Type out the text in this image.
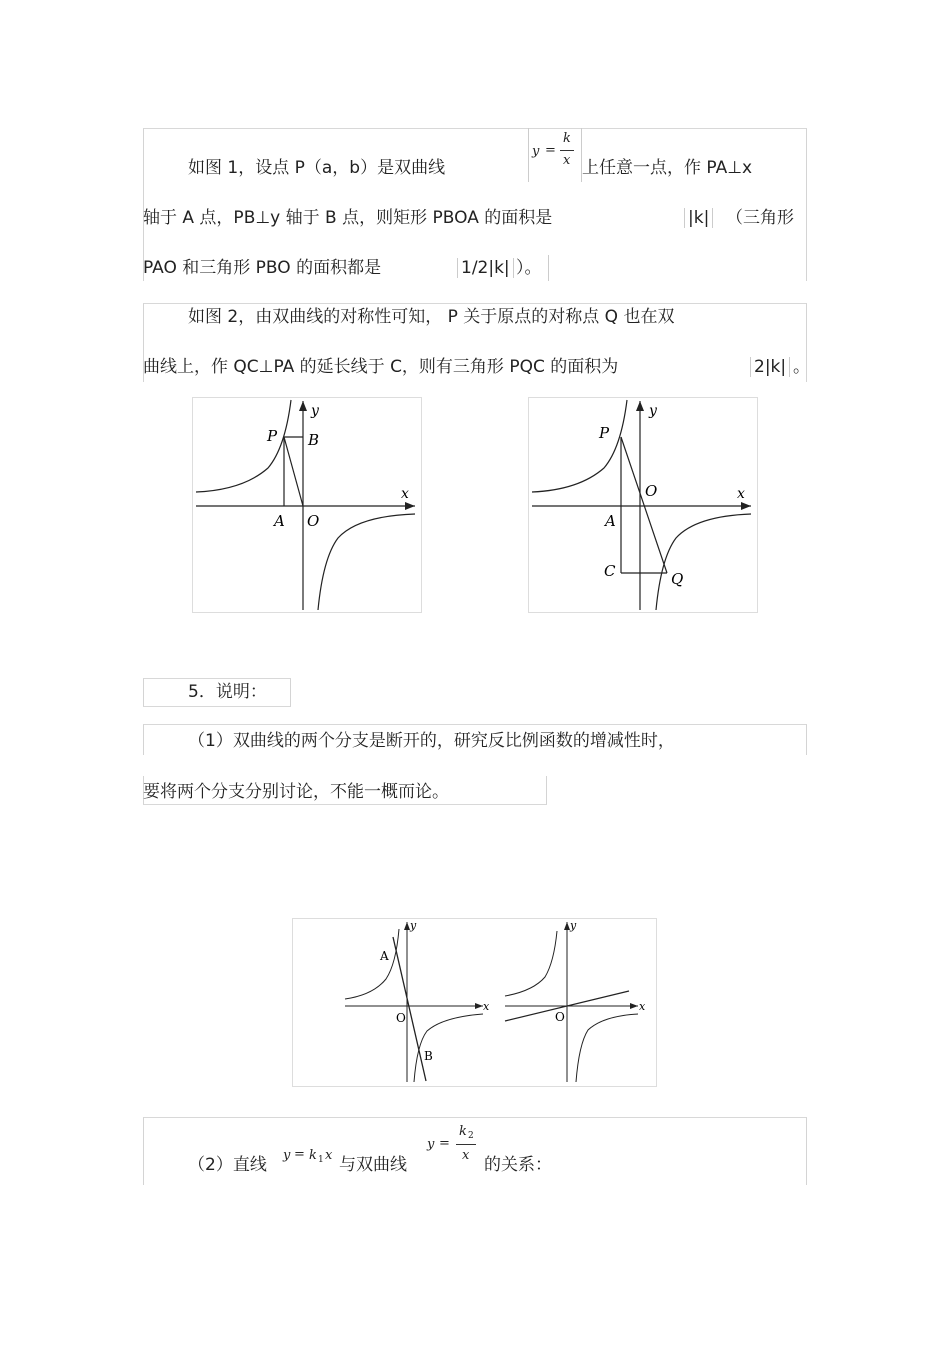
如图 1，设点 P（a，b）是双曲线
y =
k
x 上任意一点，作 PA⊥x
轴于 A 点，PB⊥y 轴于 B 点，则矩形 PBOA 的面积是	|k| （三角形
PAO 和三角形 PBO 的面积都是	1/2|k| ）。
如图 2，由双曲线的对称性可知， P 关于原点的对称点 Q 也在双
曲线上，作 QC⊥PA 的延长线于 C，则有三角形 PQC 的面积为	2|k| 。
P B
A O
x
y
P
O
A
C	Q
x
y
5．说明：
（1）双曲线的两个分支是断开的，研究反比例函数的增减性时，
要将两个分支分别讨论，不能一概而论。
A
B
O
x
y
O
x
y
（2）直线 y = k 1 x 与双曲线
y =
k 2
x 的关系：
